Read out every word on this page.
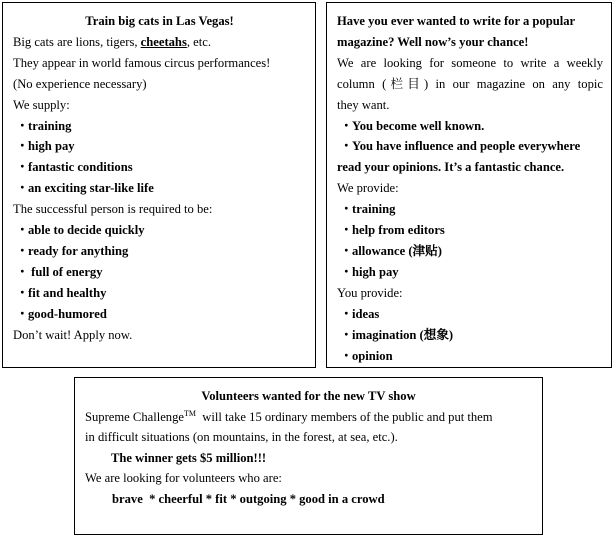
Train big cats in Las Vegas!
Big cats are lions, tigers, cheetahs, etc.
They appear in world famous circus performances!
(No experience necessary)
We supply:
・training
・high pay
・fantastic conditions
・an exciting star-like life
The successful person is required to be:
・able to decide quickly
・ready for anything
・ full of energy
・fit and healthy
・good-humored
Don’t wait! Apply now.
Have you ever wanted to write for a popular
magazine? Well now’s your chance!
We are looking for someone to write a weekly
column (栏目) in our magazine on any topic
they want.
・You become well known.
・You have influence and people everywhere
read your opinions. It’s a fantastic chance.
We provide:
・training
・help from editors
・allowance (津贴)
・high pay
You provide:
・ideas
・imagination (想象)
・opinion
Volunteers wanted for the new TV show
Supreme Challenge™  will take 15 ordinary members of the public and put them
in difficult situations (on mountains, in the forest, at sea, etc.).
The winner gets $5 million!!!
We are looking for volunteers who are:
brave  * cheerful * fit * outgoing * good in a crowd
